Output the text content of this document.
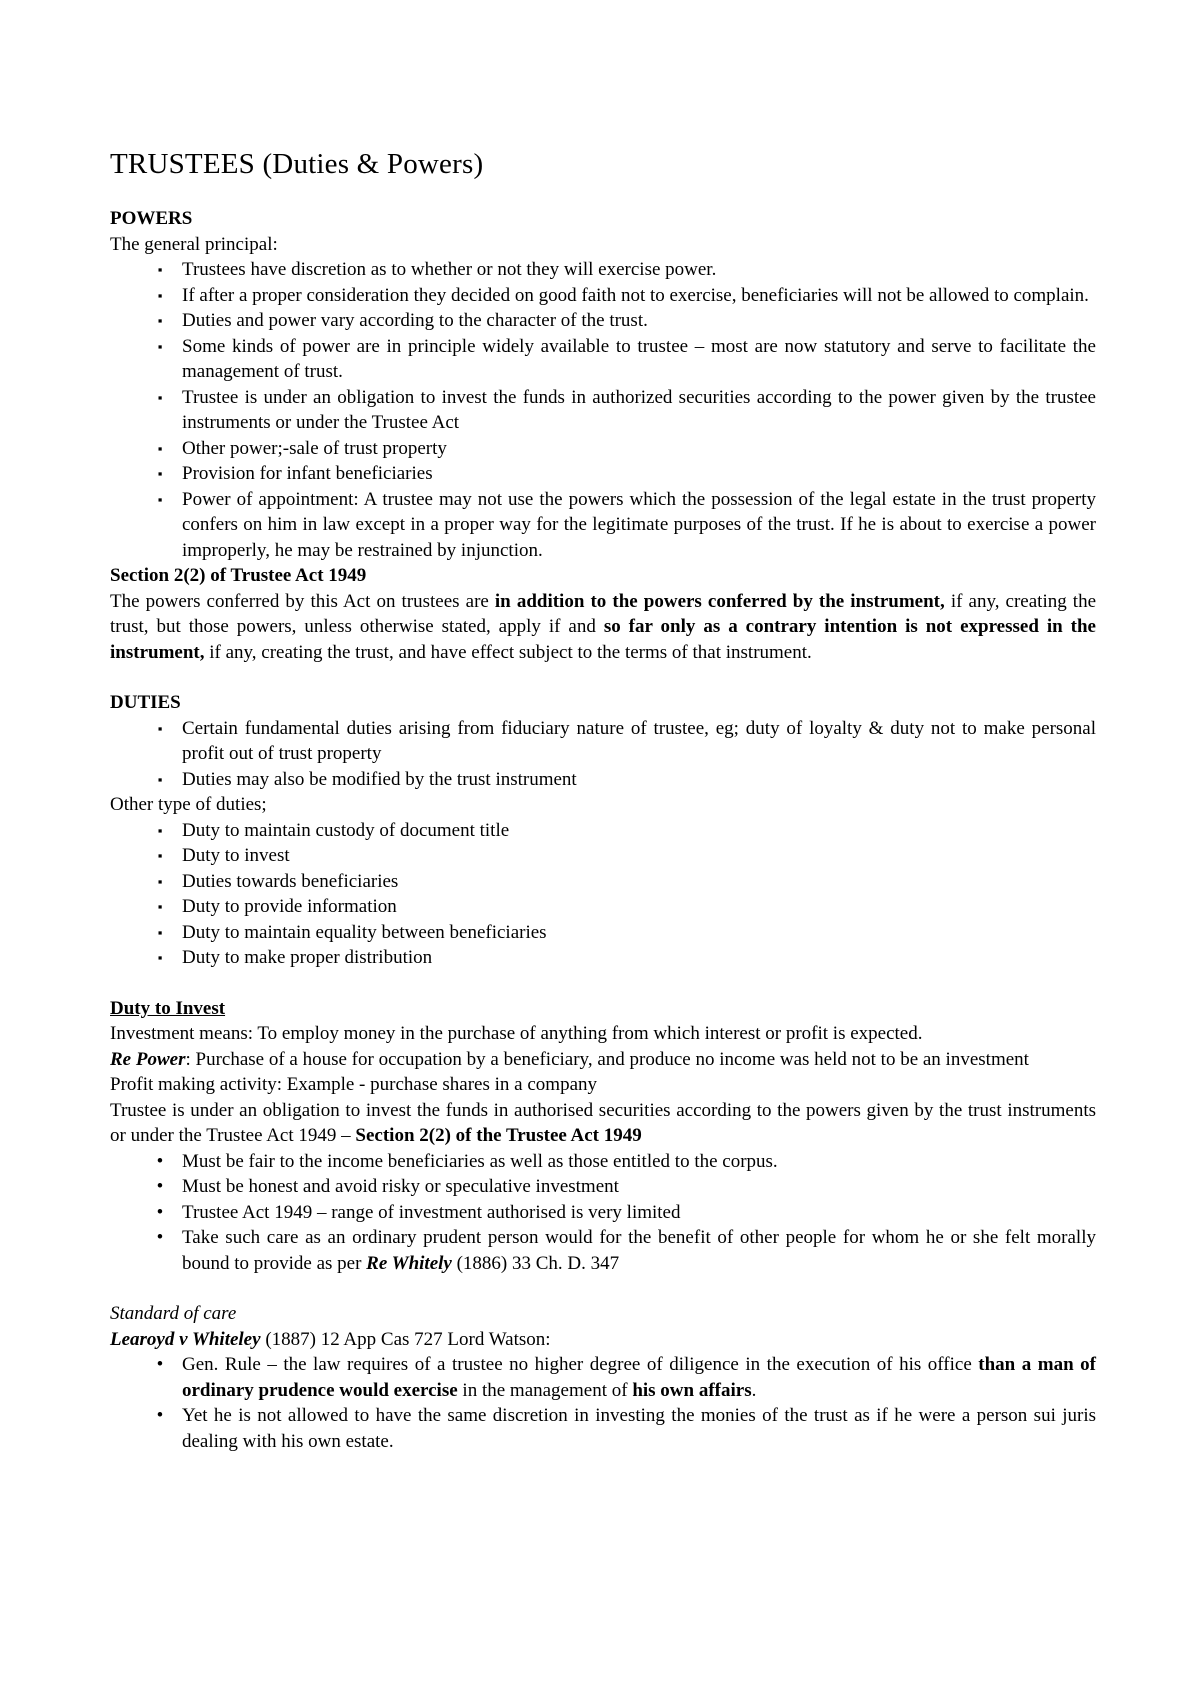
TRUSTEES (Duties & Powers)

POWERS

The general principal:

▪	Trustees have discretion as to whether or not they will exercise power.
▪	If after a proper consideration they decided on good faith not to exercise, beneficiaries will not be allowed to complain.
▪	Duties and power vary according to the character of the trust.
▪	Some kinds of power are in principle widely available to trustee – most are now statutory and serve to facilitate the management of trust.
▪	Trustee is under an obligation to invest the funds in authorized securities according to the power given by the trustee instruments or under the Trustee Act
▪	Other power;-sale of trust property
▪	Provision for infant beneficiaries
▪	Power of appointment: A trustee may not use the powers which the possession of the legal estate in the trust property confers on him in law except in a proper way for the legitimate purposes of the trust. If he is about to exercise a power improperly, he may be restrained by injunction.

Section 2(2) of Trustee Act 1949

The powers conferred by this Act on trustees are in addition to the powers conferred by the instrument, if any, creating the trust, but those powers, unless otherwise stated, apply if and so far only as a contrary intention is not expressed in the instrument, if any, creating the trust, and have effect subject to the terms of that instrument.

DUTIES

▪	Certain fundamental duties arising from fiduciary nature of trustee, eg; duty of loyalty & duty not to make personal profit out of trust property
▪	Duties may also be modified by the trust instrument

Other type of duties;

▪	Duty to maintain custody of document title
▪	Duty to invest
▪	Duties towards beneficiaries
▪	Duty to provide information
▪	Duty to maintain equality between beneficiaries
▪	Duty to make proper distribution

Duty to Invest

Investment means: To employ money in the purchase of anything from which interest or profit is expected.

Re Power: Purchase of a house for occupation by a beneficiary, and produce no income was held not to be an investment

Profit making activity: Example - purchase shares in a company

Trustee is under an obligation to invest the funds in authorised securities according to the powers given by the trust instruments or under the Trustee Act 1949 – Section 2(2) of the Trustee Act 1949

• Must be fair to the income beneficiaries as well as those entitled to the corpus.
• Must be honest and avoid risky or speculative investment
• Trustee Act 1949 – range of investment authorised is very limited
• Take such care as an ordinary prudent person would for the benefit of other people for whom he or she felt morally bound to provide as per Re Whitely (1886) 33 Ch. D. 347

Standard of care

Learoyd v Whiteley (1887) 12 App Cas 727 Lord Watson:

• Gen. Rule – the law requires of a trustee no higher degree of diligence in the execution of his office than a man of ordinary prudence would exercise in the management of his own affairs.
• Yet he is not allowed to have the same discretion in investing the monies of the trust as if he were a person sui juris dealing with his own estate.
